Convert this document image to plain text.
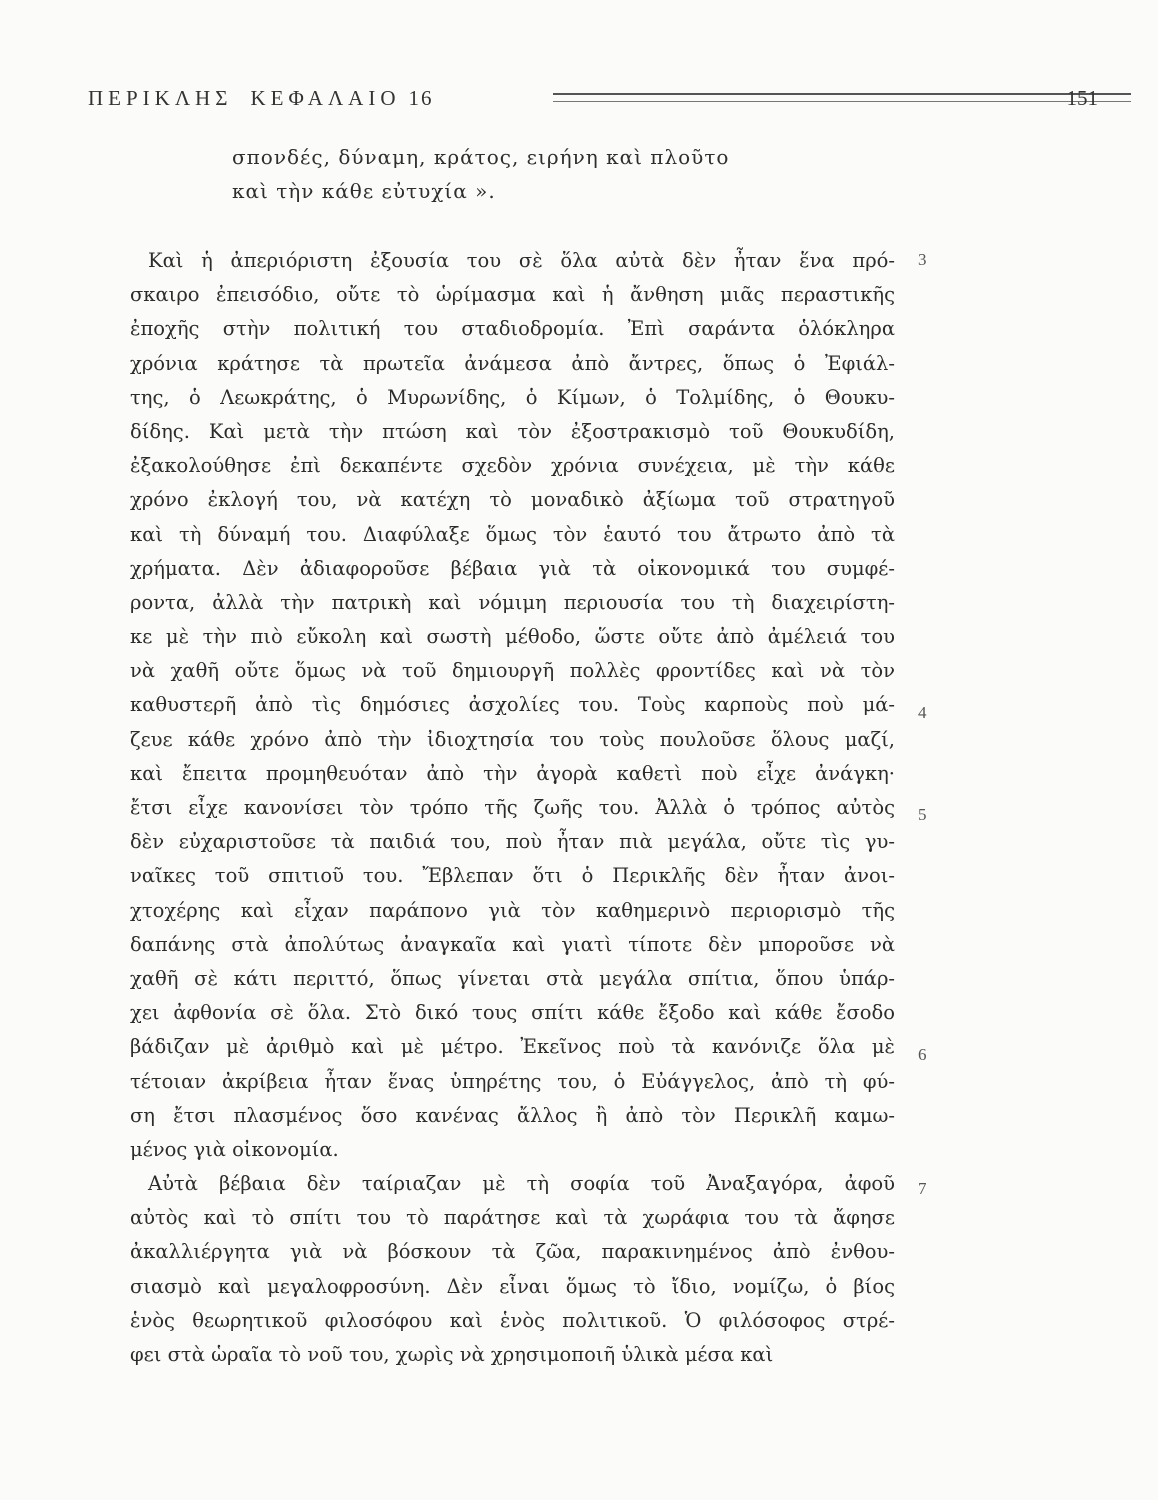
ΠΕΡΙΚΛΗΣ ΚΕΦΑΛΑΙΟ 16	151
σπονδές, δύναμη, κράτος, ειρήνη καὶ πλοῦτο
καὶ τὴν κάθε εὐτυχία ».
Καὶ ἡ ἀπεριόριστη ἐξουσία του σὲ ὅλα αὐτὰ δὲν ἦταν ἕνα πρό-
σκαιρο ἐπεισόδιο, οὔτε τὸ ὡρίμασμα καὶ ἡ ἄνθηση μιᾶς περαστικῆς
ἐποχῆς στὴν πολιτική του σταδιοδρομία. Ἐπὶ σαράντα ὁλόκληρα
χρόνια κράτησε τὰ πρωτεῖα ἀνάμεσα ἀπὸ ἄντρες, ὅπως ὁ Ἐφιάλ-
της, ὁ Λεωκράτης, ὁ Μυρωνίδης, ὁ Κίμων, ὁ Τολμίδης, ὁ Θουκυ-
δίδης. Καὶ μετὰ τὴν πτώση καὶ τὸν ἐξοστρακισμὸ τοῦ Θουκυδίδη,
ἐξακολούθησε ἐπὶ δεκαπέντε σχεδὸν χρόνια συνέχεια, μὲ τὴν κάθε
χρόνο ἐκλογή του, νὰ κατέχη τὸ μοναδικὸ ἀξίωμα τοῦ στρατηγοῦ
καὶ τὴ δύναμή του. Διαφύλαξε ὅμως τὸν ἑαυτό του ἄτρωτο ἀπὸ τὰ
χρήματα. Δὲν ἀδιαφοροῦσε βέβαια γιὰ τὰ οἰκονομικά του συμφέ-
ροντα, ἀλλὰ τὴν πατρικὴ καὶ νόμιμη περιουσία του τὴ διαχειρίστη-
κε μὲ τὴν πιὸ εὔκολη καὶ σωστὴ μέθοδο, ὥστε οὔτε ἀπὸ ἀμέλειά του
νὰ χαθῆ οὔτε ὅμως νὰ τοῦ δημιουργῆ πολλὲς φροντίδες καὶ νὰ τὸν
καθυστερῆ ἀπὸ τὶς δημόσιες ἀσχολίες του. Τοὺς καρποὺς ποὺ μά-
ζευε κάθε χρόνο ἀπὸ τὴν ἰδιοχτησία του τοὺς πουλοῦσε ὅλους μαζί,
καὶ ἔπειτα προμηθευόταν ἀπὸ τὴν ἀγορὰ καθετὶ ποὺ εἶχε ἀνάγκη·
ἔτσι εἶχε κανονίσει τὸν τρόπο τῆς ζωῆς του. Ἀλλὰ ὁ τρόπος αὐτὸς
δὲν εὐχαριστοῦσε τὰ παιδιά του, ποὺ ἦταν πιὰ μεγάλα, οὔτε τὶς γυ-
ναῖκες τοῦ σπιτιοῦ του. Ἔβλεπαν ὅτι ὁ Περικλῆς δὲν ἦταν ἀνοι-
χτοχέρης καὶ εἶχαν παράπονο γιὰ τὸν καθημερινὸ περιορισμὸ τῆς
δαπάνης στὰ ἀπολύτως ἀναγκαῖα καὶ γιατὶ τίποτε δὲν μποροῦσε νὰ
χαθῆ σὲ κάτι περιττό, ὅπως γίνεται στὰ μεγάλα σπίτια, ὅπου ὑπάρ-
χει ἀφθονία σὲ ὅλα. Στὸ δικό τους σπίτι κάθε ἔξοδο καὶ κάθε ἔσοδο
βάδιζαν μὲ ἀριθμὸ καὶ μὲ μέτρο. Ἐκεῖνος ποὺ τὰ κανόνιζε ὅλα μὲ
τέτοιαν ἀκρίβεια ἦταν ἕνας ὑπηρέτης του, ὁ Εὐάγγελος, ἀπὸ τὴ φύ-
ση ἔτσι πλασμένος ὅσο κανένας ἄλλος ἢ ἀπὸ τὸν Περικλῆ καμω-
μένος γιὰ οἰκονομία.
Αὐτὰ βέβαια δὲν ταίριαζαν μὲ τὴ σοφία τοῦ Ἀναξαγόρα, ἀφοῦ
αὐτὸς καὶ τὸ σπίτι του τὸ παράτησε καὶ τὰ χωράφια του τὰ ἄφησε
ἀκαλλιέργητα γιὰ νὰ βόσκουν τὰ ζῶα, παρακινημένος ἀπὸ ἐνθου-
σιασμὸ καὶ μεγαλοφροσύνη. Δὲν εἶναι ὅμως τὸ ἴδιο, νομίζω, ὁ βίος
ἑνὸς θεωρητικοῦ φιλοσόφου καὶ ἑνὸς πολιτικοῦ. Ὁ φιλόσοφος στρέ-
φει στὰ ὡραῖα τὸ νοῦ του, χωρὶς νὰ χρησιμοποιῆ ὑλικὰ μέσα καὶ
3
4
5
6
7
